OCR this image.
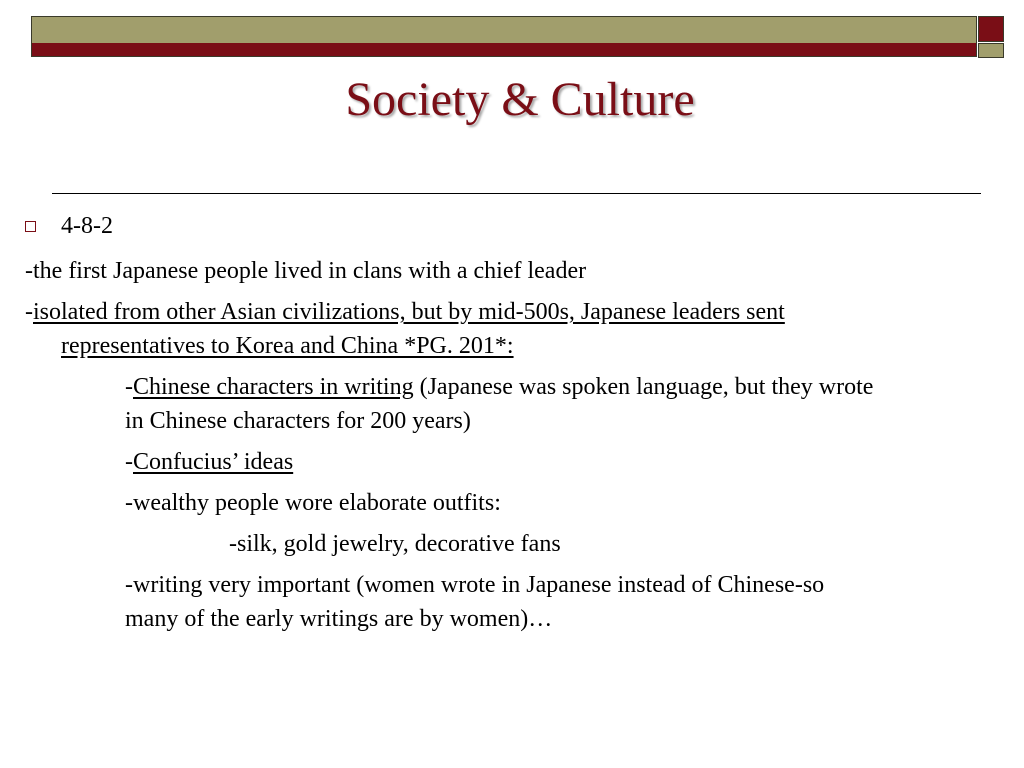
Society & Culture
4-8-2
-the first Japanese people lived in clans with a chief leader
-isolated from other Asian civilizations, but by mid-500s, Japanese leaders sent
representatives to Korea and China *PG. 201*:
-Chinese characters in writing (Japanese was spoken language, but they wrote
in Chinese characters for 200 years)
-Confucius’ ideas
-wealthy people wore elaborate outfits:
-silk, gold jewelry, decorative fans
-writing very important (women wrote in Japanese instead of Chinese-so
many of the early writings are by women)…
